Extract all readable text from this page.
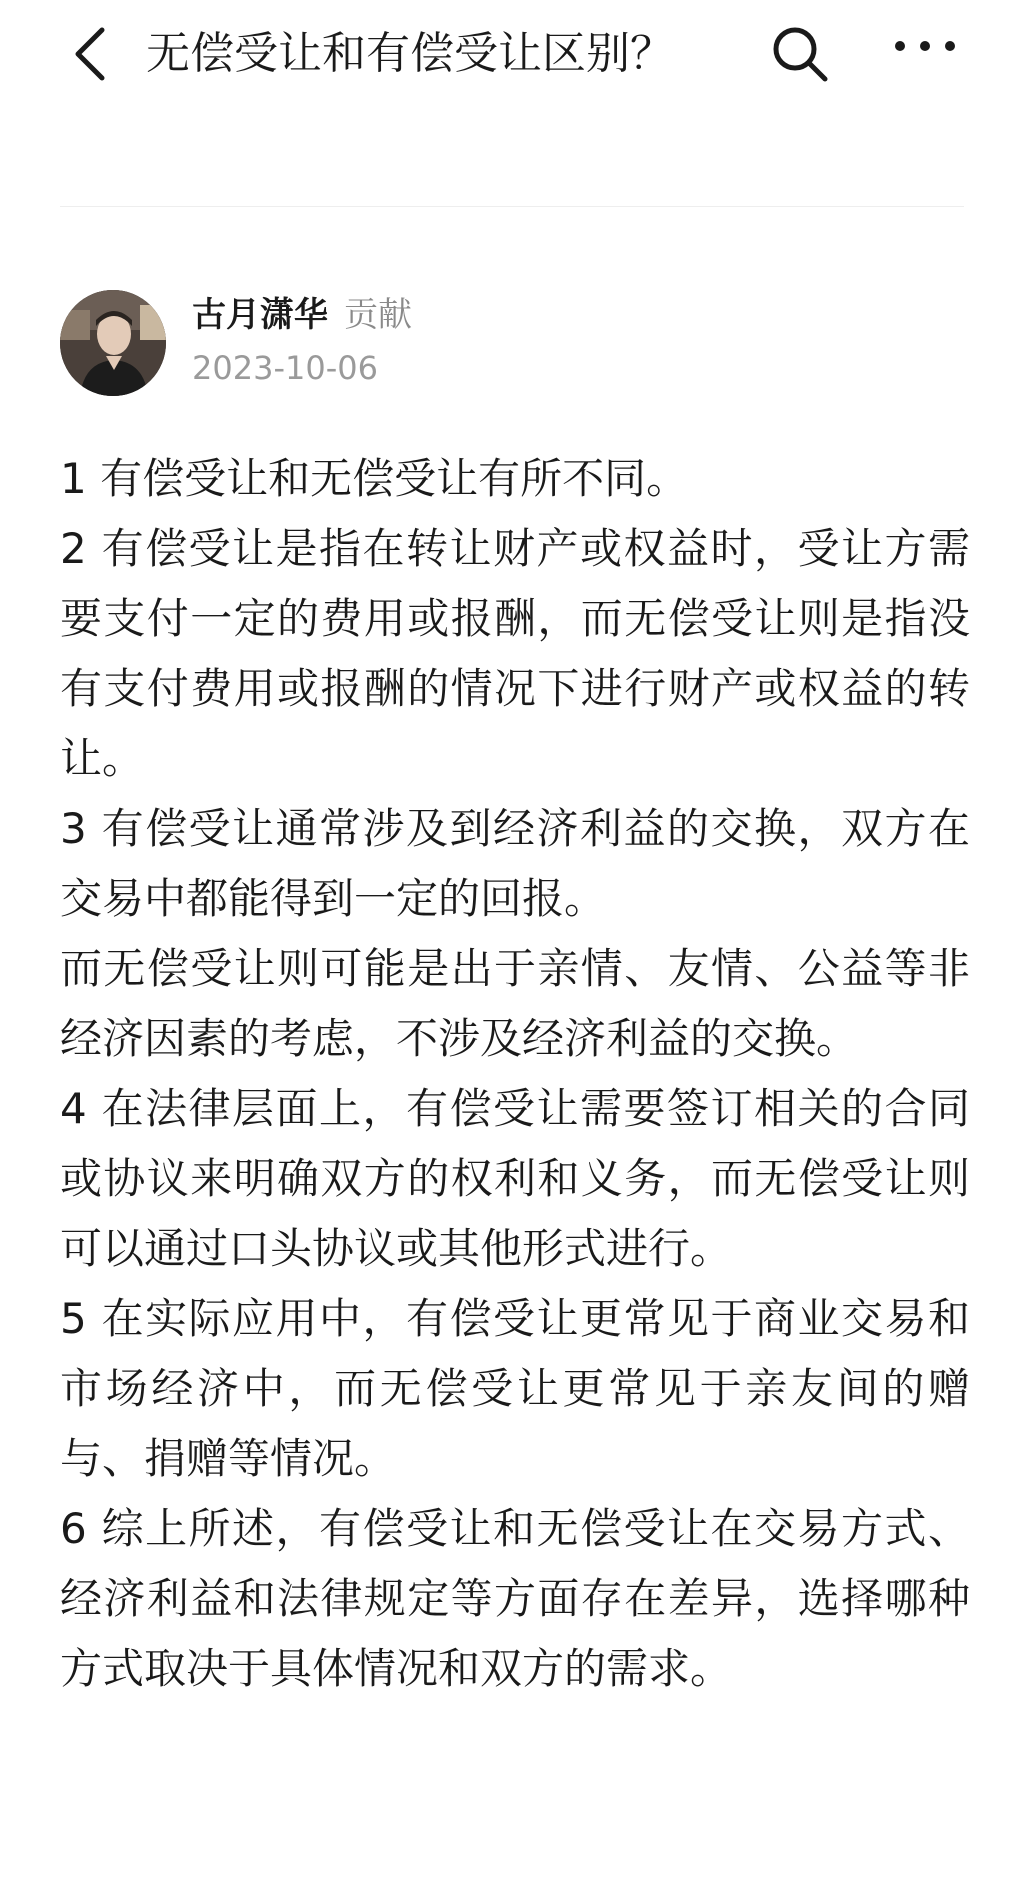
无偿受让和有偿受让区别？
古月潇华 贡献
2023-10-06

1 有偿受让和无偿受让有所不同。

2 有偿受让是指在转让财产或权益时，受让方需要支付一定的费用或报酬，而无偿受让则是指没有支付费用或报酬的情况下进行财产或权益的转让。

3 有偿受让通常涉及到经济利益的交换，双方在交易中都能得到一定的回报。

而无偿受让则可能是出于亲情、友情、公益等非经济因素的考虑，不涉及经济利益的交换。

4 在法律层面上，有偿受让需要签订相关的合同或协议来明确双方的权利和义务，而无偿受让则可以通过口头协议或其他形式进行。

5 在实际应用中，有偿受让更常见于商业交易和市场经济中，而无偿受让更常见于亲友间的赠与、捐赠等情况。

6 综上所述，有偿受让和无偿受让在交易方式、经济利益和法律规定等方面存在差异，选择哪种方式取决于具体情况和双方的需求。
